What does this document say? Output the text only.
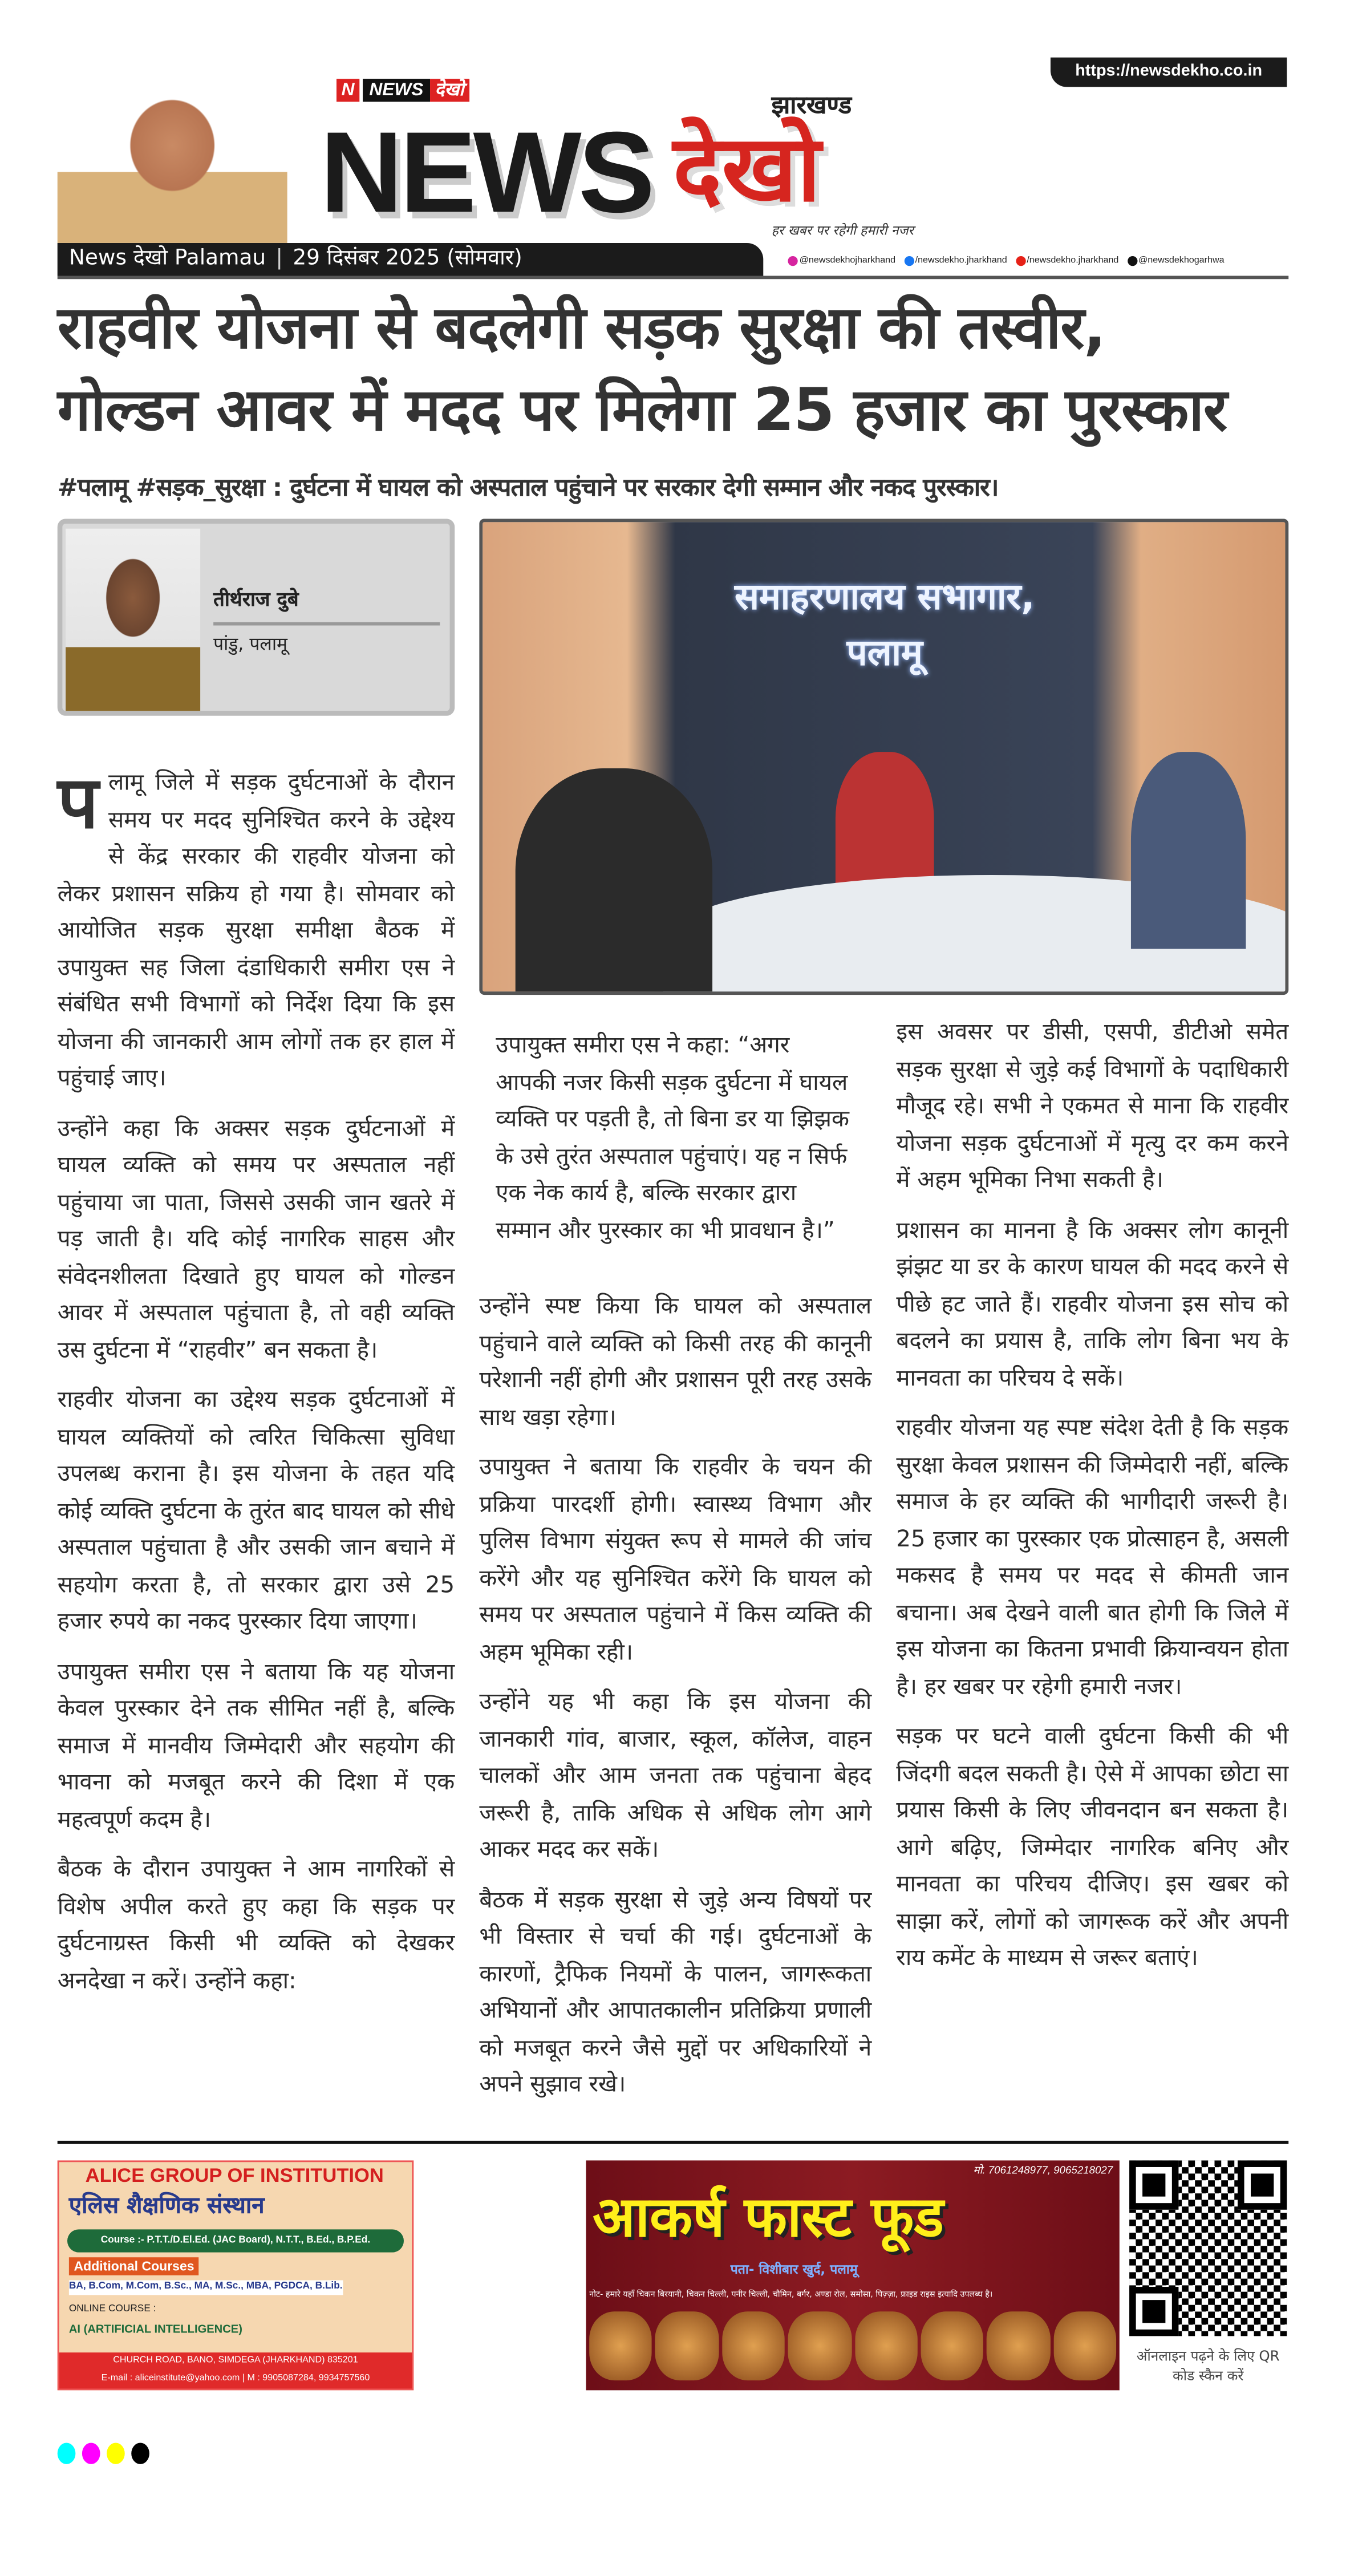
https://newsdekho.co.in
N	NEWS	देखो
झारखण्ड
NEWS देखो
हर खबर पर रहेगी हमारी नजर
News देखो Palamau | 29 दिसंबर 2025 (सोमवार)	@newsdekhojharkhand	/newsdekho.jharkhand	/newsdekho.jharkhand	@newsdekhogarhwa
राहवीर योजना से बदलेगी सड़क सुरक्षा की तस्वीर,
गोल्डन आवर में मदद पर मिलेगा 25 हजार का पुरस्कार
#पलामू #सड़क_सुरक्षा : दुर्घटना में घायल को अस्पताल पहुंचाने पर सरकार देगी सम्मान और नकद पुरस्कार।
तीर्थराज दुबे
पांडु, पलामू

प लामू जिले में सड़क दुर्घटनाओं के दौरान समय पर मदद सुनिश्चित करने के उद्देश्य से केंद्र सरकार की राहवीर योजना को लेकर प्रशासन सक्रिय हो गया है। सोमवार को आयोजित सड़क सुरक्षा समीक्षा बैठक में उपायुक्त सह जिला दंडाधिकारी समीरा एस ने संबंधित सभी विभागों को निर्देश दिया कि इस योजना की जानकारी आम लोगों तक हर हाल में पहुंचाई जाए।

उन्होंने कहा कि अक्सर सड़क दुर्घटनाओं में घायल व्यक्ति को समय पर अस्पताल नहीं पहुंचाया जा पाता, जिससे उसकी जान खतरे में पड़ जाती है। यदि कोई नागरिक साहस और संवेदनशीलता दिखाते हुए घायल को गोल्डन आवर में अस्पताल पहुंचाता है, तो वही व्यक्ति उस दुर्घटना में “राहवीर” बन सकता है।

राहवीर योजना का उद्देश्य सड़क दुर्घटनाओं में घायल व्यक्तियों को त्वरित चिकित्सा सुविधा उपलब्ध कराना है। इस योजना के तहत यदि कोई व्यक्ति दुर्घटना के तुरंत बाद घायल को सीधे अस्पताल पहुंचाता है और उसकी जान बचाने में सहयोग करता है, तो सरकार द्वारा उसे 25 हजार रुपये का नकद पुरस्कार दिया जाएगा।

उपायुक्त समीरा एस ने बताया कि यह योजना केवल पुरस्कार देने तक सीमित नहीं है, बल्कि समाज में मानवीय जिम्मेदारी और सहयोग की भावना को मजबूत करने की दिशा में एक महत्वपूर्ण कदम है।

बैठक के दौरान उपायुक्त ने आम नागरिकों से विशेष अपील करते हुए कहा कि सड़क पर दुर्घटनाग्रस्त किसी भी व्यक्ति को देखकर अनदेखा न करें। उन्होंने कहा:

समाहरणालय सभागार,
पलामू
उपायुक्त समीरा एस ने कहा: “अगर आपकी नजर किसी सड़क दुर्घटना में घायल व्यक्ति पर पड़ती है, तो बिना डर या झिझक के उसे तुरंत अस्पताल पहुंचाएं। यह न सिर्फ एक नेक कार्य है, बल्कि सरकार द्वारा सम्मान और पुरस्कार का भी प्रावधान है।”

उन्होंने स्पष्ट किया कि घायल को अस्पताल पहुंचाने वाले व्यक्ति को किसी तरह की कानूनी परेशानी नहीं होगी और प्रशासन पूरी तरह उसके साथ खड़ा रहेगा।

उपायुक्त ने बताया कि राहवीर के चयन की प्रक्रिया पारदर्शी होगी। स्वास्थ्य विभाग और पुलिस विभाग संयुक्त रूप से मामले की जांच करेंगे और यह सुनिश्चित करेंगे कि घायल को समय पर अस्पताल पहुंचाने में किस व्यक्ति की अहम भूमिका रही।

उन्होंने यह भी कहा कि इस योजना की जानकारी गांव, बाजार, स्कूल, कॉलेज, वाहन चालकों और आम जनता तक पहुंचाना बेहद जरूरी है, ताकि अधिक से अधिक लोग आगे आकर मदद कर सकें।

बैठक में सड़क सुरक्षा से जुड़े अन्य विषयों पर भी विस्तार से चर्चा की गई। दुर्घटनाओं के कारणों, ट्रैफिक नियमों के पालन, जागरूकता अभियानों और आपातकालीन प्रतिक्रिया प्रणाली को मजबूत करने जैसे मुद्दों पर अधिकारियों ने अपने सुझाव रखे।

इस अवसर पर डीसी, एसपी, डीटीओ समेत सड़क सुरक्षा से जुड़े कई विभागों के पदाधिकारी मौजूद रहे। सभी ने एकमत से माना कि राहवीर योजना सड़क दुर्घटनाओं में मृत्यु दर कम करने में अहम भूमिका निभा सकती है।

प्रशासन का मानना है कि अक्सर लोग कानूनी झंझट या डर के कारण घायल की मदद करने से पीछे हट जाते हैं। राहवीर योजना इस सोच को बदलने का प्रयास है, ताकि लोग बिना भय के मानवता का परिचय दे सकें।

राहवीर योजना यह स्पष्ट संदेश देती है कि सड़क सुरक्षा केवल प्रशासन की जिम्मेदारी नहीं, बल्कि समाज के हर व्यक्ति की भागीदारी जरूरी है। 25 हजार का पुरस्कार एक प्रोत्साहन है, असली मकसद है समय पर मदद से कीमती जान बचाना। अब देखने वाली बात होगी कि जिले में इस योजना का कितना प्रभावी क्रियान्वयन होता है। हर खबर पर रहेगी हमारी नजर।

सड़क पर घटने वाली दुर्घटना किसी की भी जिंदगी बदल सकती है। ऐसे में आपका छोटा सा प्रयास किसी के लिए जीवनदान बन सकता है। आगे बढ़िए, जिम्मेदार नागरिक बनिए और मानवता का परिचय दीजिए। इस खबर को साझा करें, लोगों को जागरूक करें और अपनी राय कमेंट के माध्यम से जरूर बताएं।

ALICE GROUP OF INSTITUTION
एलिस शैक्षणिक संस्थान
Course :- P.T.T./D.El.Ed. (JAC Board), N.T.T., B.Ed., B.P.Ed.
Additional Courses
BA, B.Com, M.Com, B.Sc., MA, M.Sc., MBA, PGDCA, B.Lib.
ONLINE COURSE :
AI (ARTIFICIAL INTELLIGENCE)
CHURCH ROAD, BANO, SIMDEGA (JHARKHAND) 835201
E-mail : aliceinstitute@yahoo.com | M : 9905087284, 9934757560
मो. 7061248977, 9065218027
आकर्ष फास्ट फूड
पता- विशीबार खुर्द, पलामू
नोट- हमारे यहाँ चिकन बिरयानी, चिकन चिल्ली, पनीर चिल्ली, चौमिन, बर्गर, अण्डा रोल, समोसा, पिज़्ज़ा, फ्राइड राइस इत्यादि उपलब्ध है।
ऑनलाइन पढ़ने के लिए QR कोड स्कैन करें
